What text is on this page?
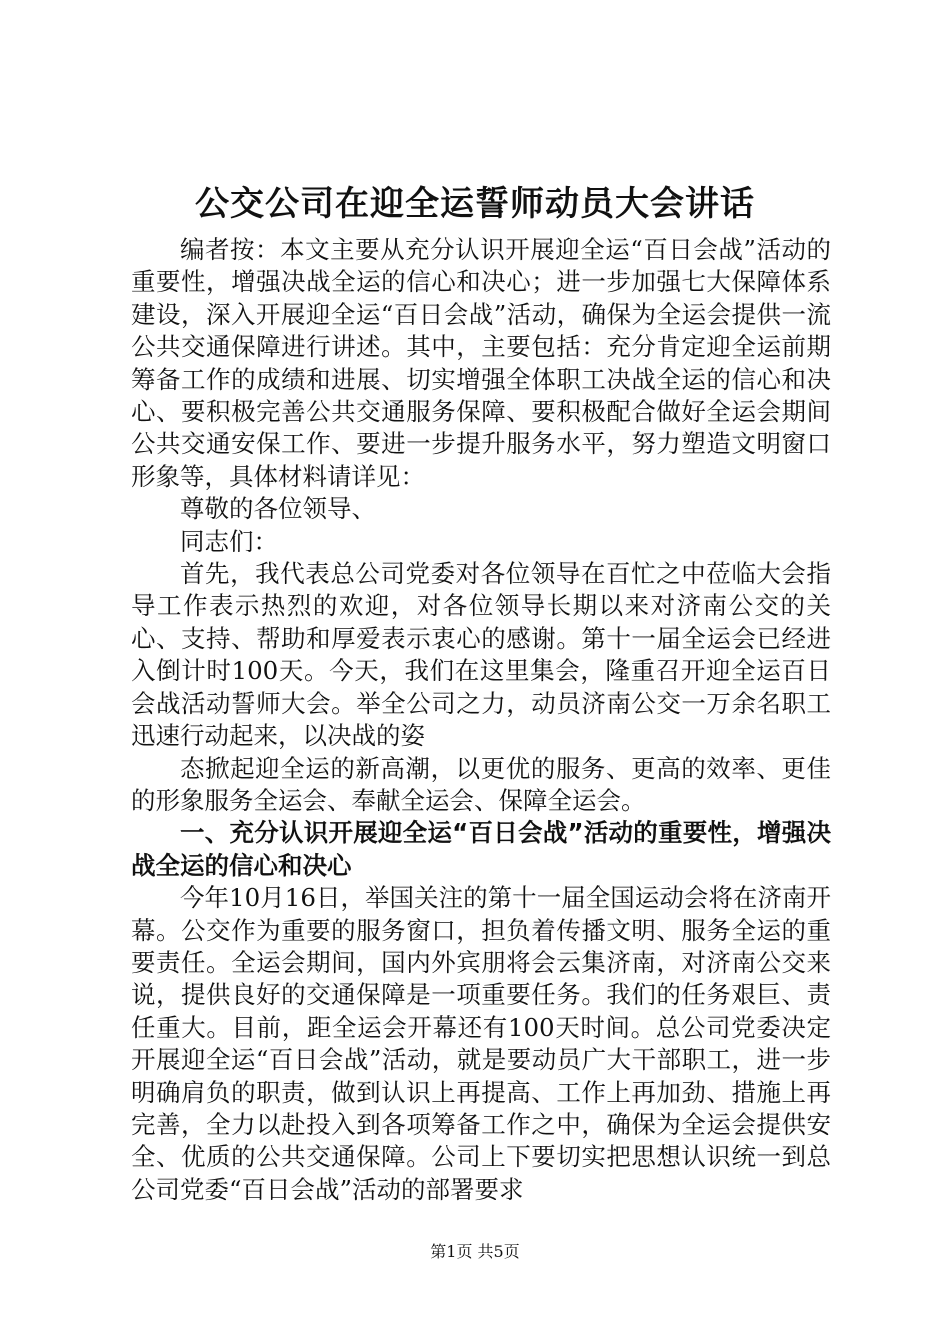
公交公司在迎全运誓师动员大会讲话

编者按：本文主要从充分认识开展迎全运“百日会战”活动的重要性，增强决战全运的信心和决心；进一步加强七大保障体系建设，深入开展迎全运“百日会战”活动，确保为全运会提供一流公共交通保障进行讲述。其中，主要包括：充分肯定迎全运前期筹备工作的成绩和进展、切实增强全体职工决战全运的信心和决心、要积极完善公共交通服务保障、要积极配合做好全运会期间公共交通安保工作、要进一步提升服务水平，努力塑造文明窗口形象等，具体材料请详见：

尊敬的各位领导、

同志们：

首先，我代表总公司党委对各位领导在百忙之中莅临大会指导工作表示热烈的欢迎，对各位领导长期以来对济南公交的关心、支持、帮助和厚爱表示衷心的感谢。第十一届全运会已经进入倒计时100天。今天，我们在这里集会，隆重召开迎全运百日会战活动誓师大会。举全公司之力，动员济南公交一万余名职工迅速行动起来，以决战的姿

态掀起迎全运的新高潮，以更优的服务、更高的效率、更佳的形象服务全运会、奉献全运会、保障全运会。

一、充分认识开展迎全运“百日会战”活动的重要性，增强决战全运的信心和决心

今年10月16日，举国关注的第十一届全国运动会将在济南开幕。公交作为重要的服务窗口，担负着传播文明、服务全运的重要责任。全运会期间，国内外宾朋将会云集济南，对济南公交来说，提供良好的交通保障是一项重要任务。我们的任务艰巨、责任重大。目前，距全运会开幕还有100天时间。总公司党委决定开展迎全运“百日会战”活动，就是要动员广大干部职工，进一步明确肩负的职责，做到认识上再提高、工作上再加劲、措施上再完善，全力以赴投入到各项筹备工作之中，确保为全运会提供安全、优质的公共交通保障。公司上下要切实把思想认识统一到总公司党委“百日会战”活动的部署要求

第1页 共5页
